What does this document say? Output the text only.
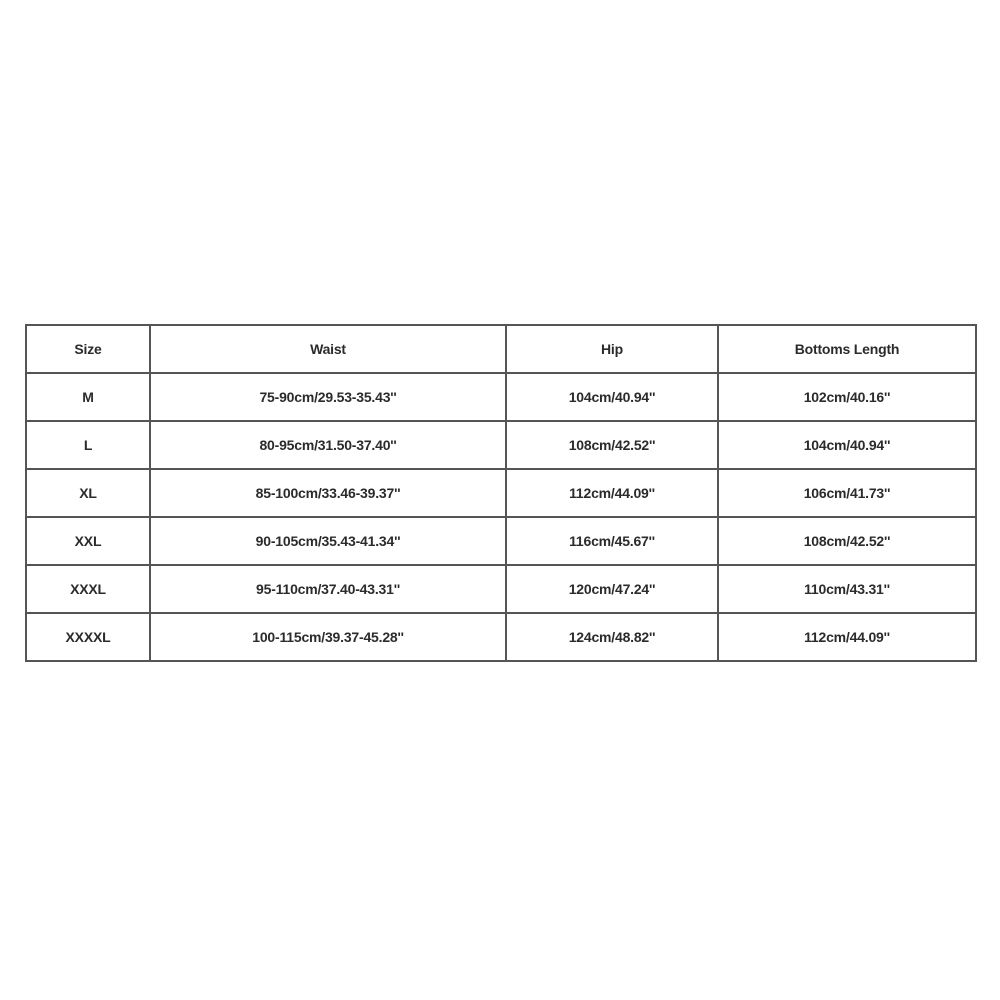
Size	Waist	Hip	Bottoms Length
M	75-90cm/29.53-35.43''	104cm/40.94''	102cm/40.16''
L	80-95cm/31.50-37.40''	108cm/42.52''	104cm/40.94''
XL	85-100cm/33.46-39.37''	112cm/44.09''	106cm/41.73''
XXL	90-105cm/35.43-41.34''	116cm/45.67''	108cm/42.52''
XXXL	95-110cm/37.40-43.31''	120cm/47.24''	110cm/43.31''
XXXXL	100-115cm/39.37-45.28''	124cm/48.82''	112cm/44.09''
